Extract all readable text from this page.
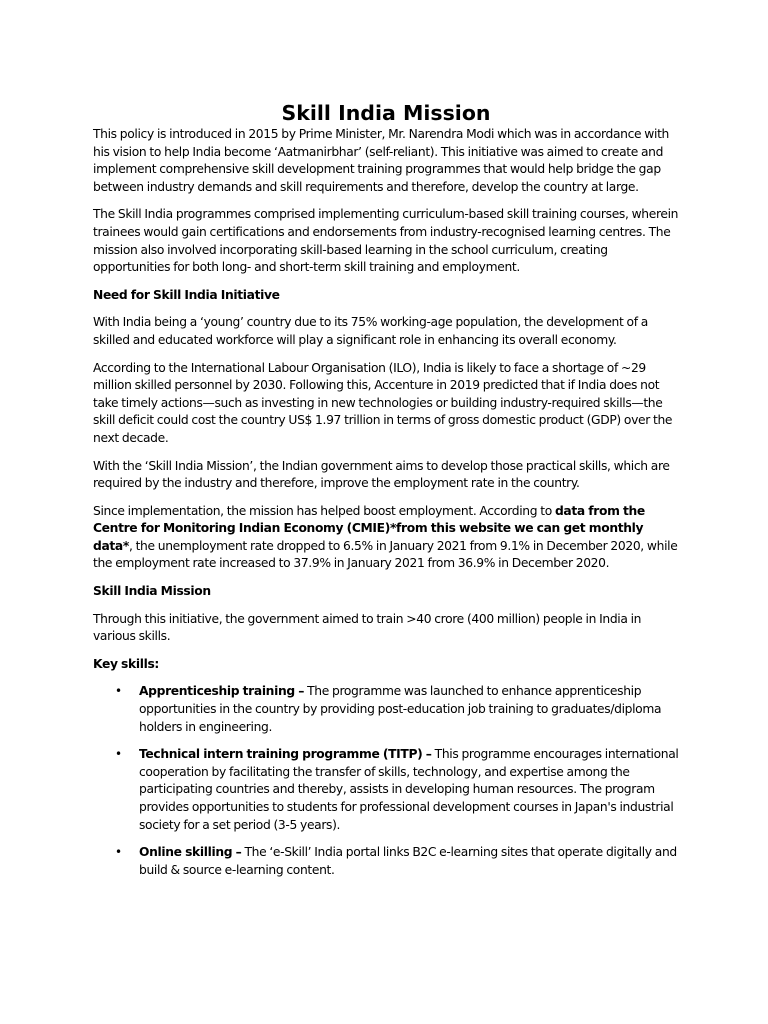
Skill India Mission

This policy is introduced in 2015 by Prime Minister, Mr. Narendra Modi which was in accordance with his vision to help India become ‘Aatmanirbhar’ (self-reliant). This initiative was aimed to create and implement comprehensive skill development training programmes that would help bridge the gap between industry demands and skill requirements and therefore, develop the country at large.

The Skill India programmes comprised implementing curriculum-based skill training courses, wherein trainees would gain certifications and endorsements from industry-recognised learning centres. The mission also involved incorporating skill-based learning in the school curriculum, creating opportunities for both long- and short-term skill training and employment.

Need for Skill India Initiative

With India being a ‘young’ country due to its 75% working-age population, the development of a skilled and educated workforce will play a significant role in enhancing its overall economy.

According to the International Labour Organisation (ILO), India is likely to face a shortage of ~29 million skilled personnel by 2030. Following this, Accenture in 2019 predicted that if India does not take timely actions—such as investing in new technologies or building industry-required skills—the skill deficit could cost the country US$ 1.97 trillion in terms of gross domestic product (GDP) over the next decade.

With the ‘Skill India Mission’, the Indian government aims to develop those practical skills, which are required by the industry and therefore, improve the employment rate in the country.

Since implementation, the mission has helped boost employment. According to data from the Centre for Monitoring Indian Economy (CMIE)*from this website we can get monthly data*, the unemployment rate dropped to 6.5% in January 2021 from 9.1% in December 2020, while the employment rate increased to 37.9% in January 2021 from 36.9% in December 2020.

Skill India Mission

Through this initiative, the government aimed to train >40 crore (400 million) people in India in various skills.

Key skills:

• Apprenticeship training – The programme was launched to enhance apprenticeship opportunities in the country by providing post-education job training to graduates/diploma holders in engineering.
• Technical intern training programme (TITP) – This programme encourages international cooperation by facilitating the transfer of skills, technology, and expertise among the participating countries and thereby, assists in developing human resources. The program provides opportunities to students for professional development courses in Japan's industrial society for a set period (3-5 years).
• Online skilling – The ‘e-Skill’ India portal links B2C e-learning sites that operate digitally and build & source e-learning content.
